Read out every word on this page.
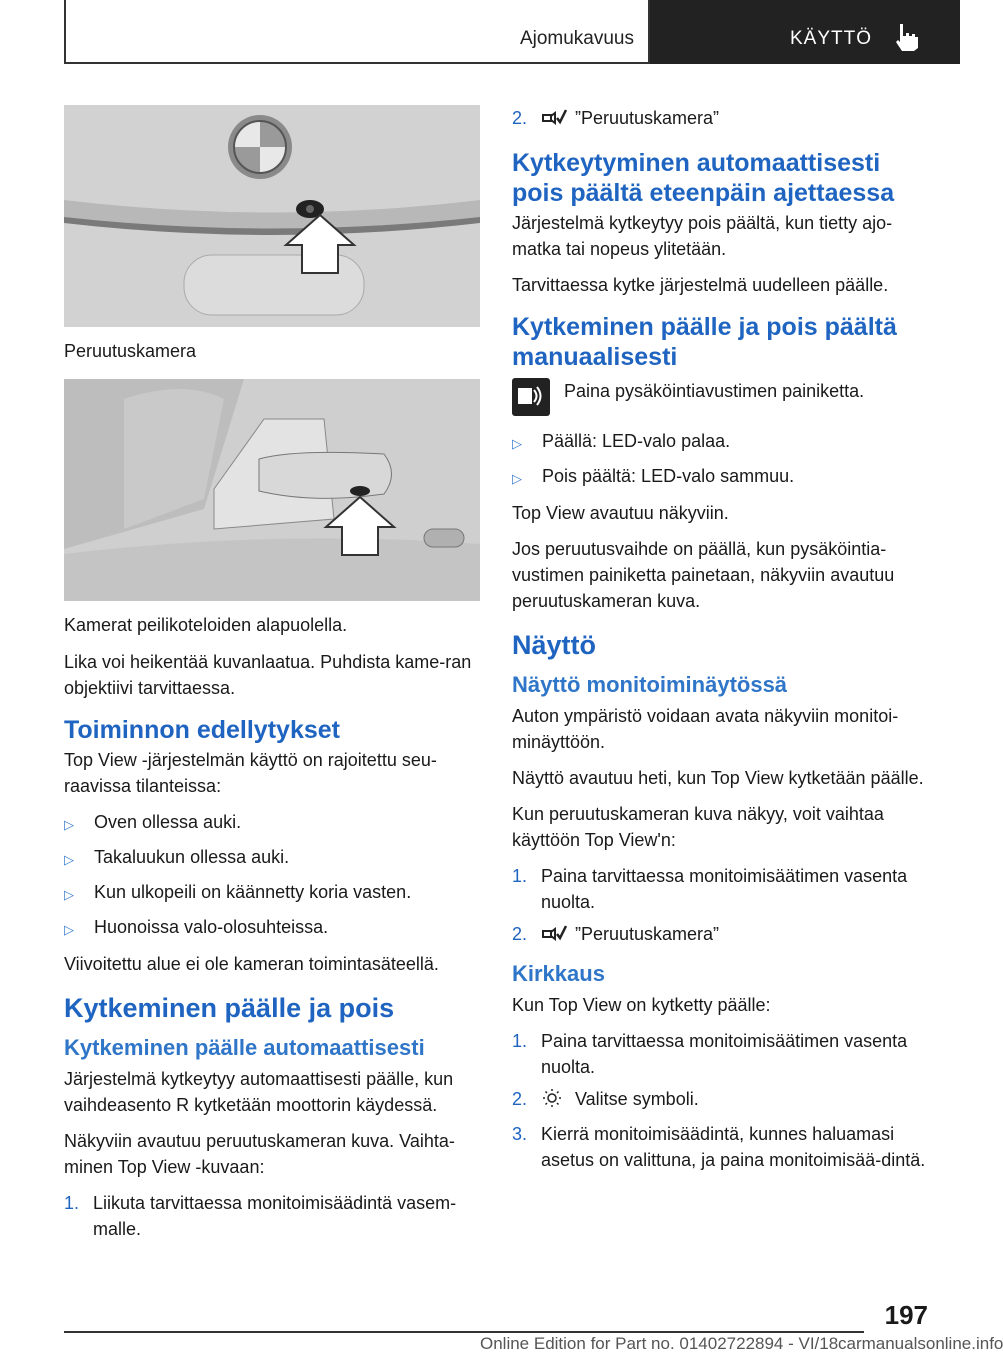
Ajomukavuus	KÄYTTÖ
Peruutuskamera
Kamerat peilikoteloiden alapuolella.

Lika voi heikentää kuvanlaatua. Puhdista kame-ran objektiivi tarvittaessa.

Toiminnon edellytykset

Top View -järjestelmän käyttö on rajoitettu seu-raavissa tilanteissa:

▷	Oven ollessa auki.
▷	Takaluukun ollessa auki.
▷	Kun ulkopeili on käännetty koria vasten.
▷	Huonoissa valo-olosuhteissa.

Viivoitettu alue ei ole kameran toimintasäteellä.

Kytkeminen päälle ja pois
Kytkeminen päälle automaattisesti

Järjestelmä kytkeytyy automaattisesti päälle, kun vaihdeasento R kytketään moottorin käydessä.

Näkyviin avautuu peruutuskameran kuva. Vaihta-minen Top View -kuvaan:

1. Liikuta tarvittaessa monitoimisäädintä vasem-malle.
2.	”Peruutuskamera”
Kytkeytyminen automaattisesti pois päältä eteenpäin ajettaessa

Järjestelmä kytkeytyy pois päältä, kun tietty ajo-matka tai nopeus ylitetään.

Tarvittaessa kytke järjestelmä uudelleen päälle.

Kytkeminen päälle ja pois päältä manuaalisesti
Paina pysäköintiavustimen painiketta.
▷	Päällä: LED-valo palaa.
▷	Pois päältä: LED-valo sammuu.

Top View avautuu näkyviin.

Jos peruutusvaihde on päällä, kun pysäköintia-vustimen painiketta painetaan, näkyviin avautuu peruutuskameran kuva.

Näyttö
Näyttö monitoiminäytössä

Auton ympäristö voidaan avata näkyviin monitoi-minäyttöön.

Näyttö avautuu heti, kun Top View kytketään päälle.

Kun peruutuskameran kuva näkyy, voit vaihtaa käyttöön Top View'n:

1. Paina tarvittaessa monitoimisäätimen vasenta nuolta.
2.	”Peruutuskamera”
Kirkkaus

Kun Top View on kytketty päälle:

1. Paina tarvittaessa monitoimisäätimen vasenta nuolta.
2.	Valitse symboli.
3. Kierrä monitoimisäädintä, kunnes haluamasi asetus on valittuna, ja paina monitoimisää-dintä.
197
Online Edition for Part no. 01402722894 - VI/18 carmanualsonline.info
